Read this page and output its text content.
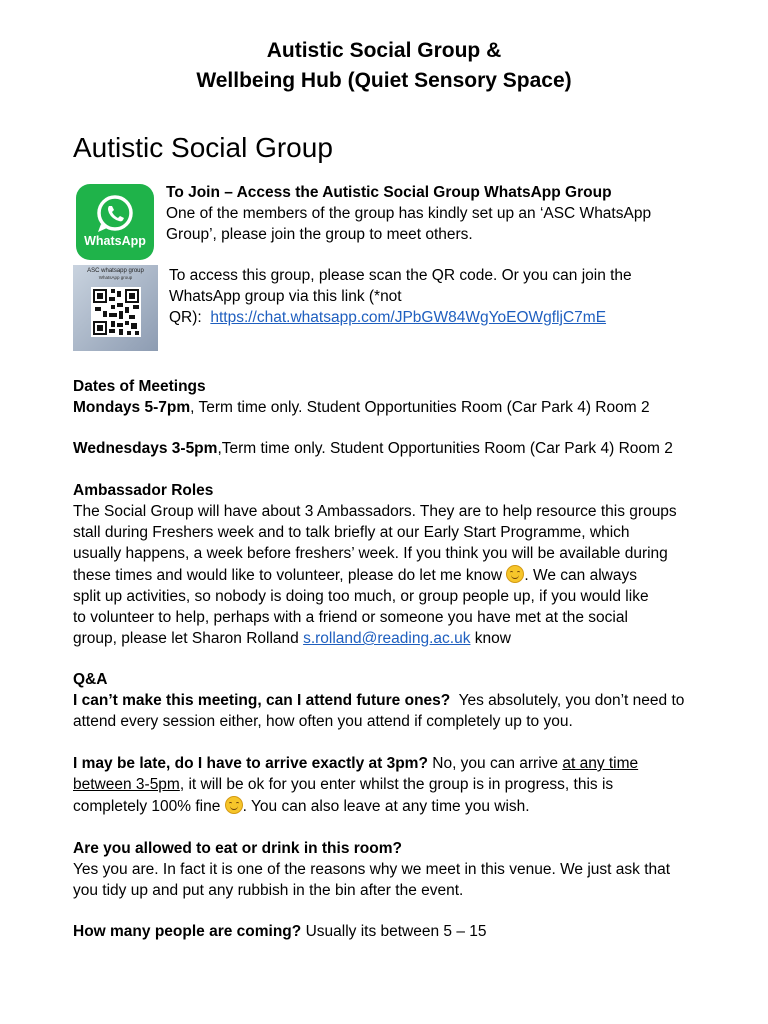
Autistic Social Group &
Wellbeing Hub (Quiet Sensory Space)
Autistic Social Group
WhatsApp
To Join – Access the Autistic Social Group WhatsApp Group
One of the members of the group has kindly set up an ‘ASC WhatsApp
Group’, please join the group to meet others.
ASC whatsapp group
WhatsApp group	To access this group, please scan the QR code. Or you can join the
WhatsApp group via this link (*not
QR): https://chat.whatsapp.com/JPbGW84WgYoEOWgfljC7mE
Dates of Meetings
Mondays 5-7pm, Term time only. Student Opportunities Room (Car Park 4) Room 2
Wednesdays 3-5pm,Term time only. Student Opportunities Room (Car Park 4) Room 2
Ambassador Roles
The Social Group will have about 3 Ambassadors. They are to help resource this groups
stall during Freshers week and to talk briefly at our Early Start Programme, which
usually happens, a week before freshers’ week. If you think you will be available during
these times and would like to volunteer, please do let me know . We can always
split up activities, so nobody is doing too much, or group people up, if you would like
to volunteer to help, perhaps with a friend or someone you have met at the social
group, please let Sharon Rolland s.rolland@reading.ac.uk know
Q&A
I can’t make this meeting, can I attend future ones? Yes absolutely, you don’t need to
attend every session either, how often you attend if completely up to you.
I may be late, do I have to arrive exactly at 3pm? No, you can arrive at any time
between 3-5pm, it will be ok for you enter whilst the group is in progress, this is
completely 100% fine . You can also leave at any time you wish.
Are you allowed to eat or drink in this room?
Yes you are. In fact it is one of the reasons why we meet in this venue. We just ask that
you tidy up and put any rubbish in the bin after the event.
How many people are coming? Usually its between 5 – 15
